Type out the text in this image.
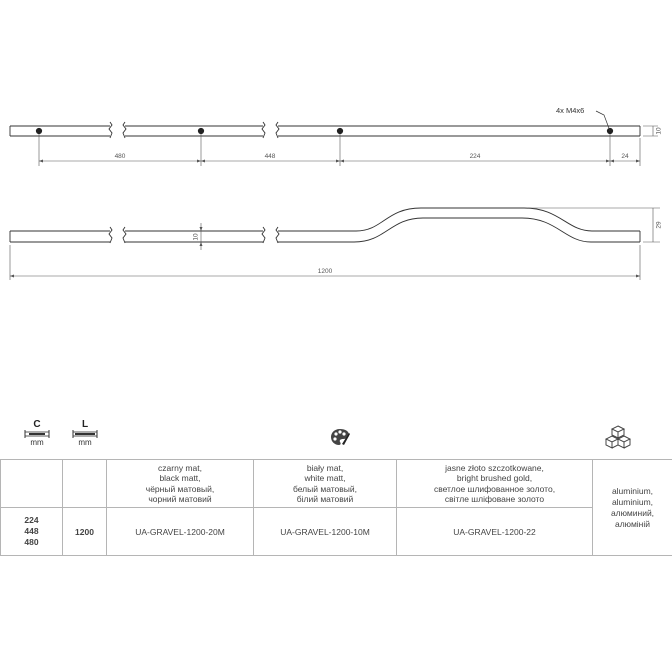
4x M4x6
480	448	224	24
10
10
29
1200
C
mm
L
mm

		czarny mat,
black matt,
чёрный матовый,
чорний матовий	biały mat,
white matt,
белый матовый,
білий матовий	jasne złoto szczotkowane,
bright brushed gold,
светлое шлифованное золото,
світле шліфоване золото	aluminium,
aluminium,
алюминий,
алюміній

224
448
480	1200	UA-GRAVEL-1200-20M	UA-GRAVEL-1200-10M	UA-GRAVEL-1200-22	
